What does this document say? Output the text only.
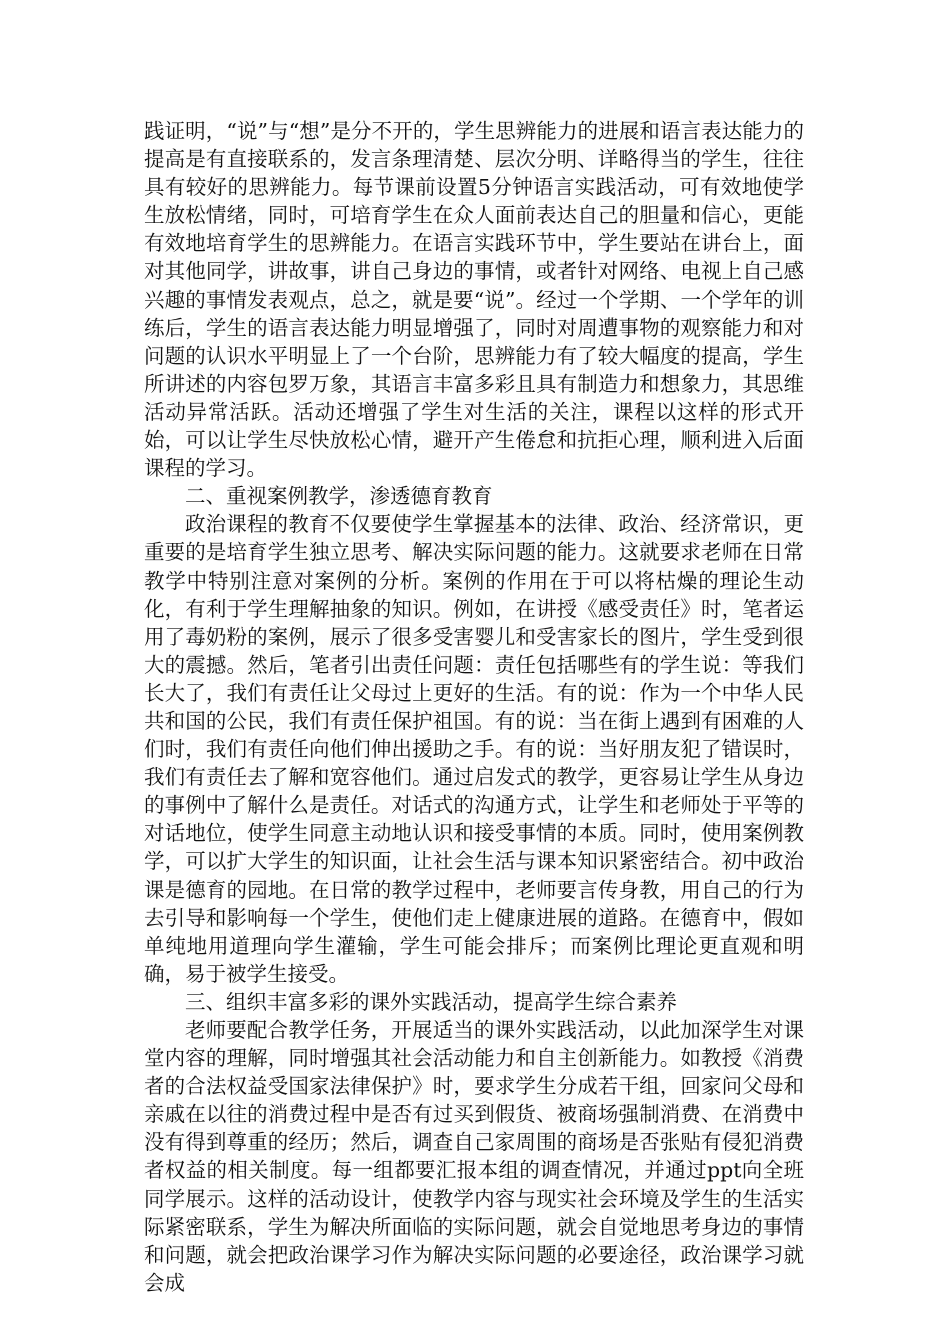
践证明，“说”与“想”是分不开的，学生思辨能力的进展和语言表达能力的提高是有直接联系的，发言条理清楚、层次分明、详略得当的学生，往往具有较好的思辨能力。每节课前设置5分钟语言实践活动，可有效地使学生放松情绪，同时，可培育学生在众人面前表达自己的胆量和信心，更能有效地培育学生的思辨能力。在语言实践环节中，学生要站在讲台上，面对其他同学，讲故事，讲自己身边的事情，或者针对网络、电视上自己感兴趣的事情发表观点，总之，就是要“说”。经过一个学期、一个学年的训练后，学生的语言表达能力明显增强了，同时对周遭事物的观察能力和对问题的认识水平明显上了一个台阶，思辨能力有了较大幅度的提高，学生所讲述的内容包罗万象，其语言丰富多彩且具有制造力和想象力，其思维活动异常活跃。活动还增强了学生对生活的关注，课程以这样的形式开始，可以让学生尽快放松心情，避开产生倦怠和抗拒心理，顺利进入后面课程的学习。

二、重视案例教学，渗透德育教育

政治课程的教育不仅要使学生掌握基本的法律、政治、经济常识，更重要的是培育学生独立思考、解决实际问题的能力。这就要求老师在日常教学中特别注意对案例的分析。案例的作用在于可以将枯燥的理论生动化，有利于学生理解抽象的知识。例如，在讲授《感受责任》时，笔者运用了毒奶粉的案例，展示了很多受害婴儿和受害家长的图片，学生受到很大的震撼。然后，笔者引出责任问题：责任包括哪些有的学生说：等我们长大了，我们有责任让父母过上更好的生活。有的说：作为一个中华人民共和国的公民，我们有责任保护祖国。有的说：当在街上遇到有困难的人们时，我们有责任向他们伸出援助之手。有的说：当好朋友犯了错误时，我们有责任去了解和宽容他们。通过启发式的教学，更容易让学生从身边的事例中了解什么是责任。对话式的沟通方式，让学生和老师处于平等的对话地位，使学生同意主动地认识和接受事情的本质。同时，使用案例教学，可以扩大学生的知识面，让社会生活与课本知识紧密结合。初中政治课是德育的园地。在日常的教学过程中，老师要言传身教，用自己的行为去引导和影响每一个学生，使他们走上健康进展的道路。在德育中，假如单纯地用道理向学生灌输，学生可能会排斥；而案例比理论更直观和明确，易于被学生接受。

三、组织丰富多彩的课外实践活动，提高学生综合素养

老师要配合教学任务，开展适当的课外实践活动，以此加深学生对课堂内容的理解，同时增强其社会活动能力和自主创新能力。如教授《消费者的合法权益受国家法律保护》时，要求学生分成若干组，回家问父母和亲戚在以往的消费过程中是否有过买到假货、被商场强制消费、在消费中没有得到尊重的经历；然后，调查自己家周围的商场是否张贴有侵犯消费者权益的相关制度。每一组都要汇报本组的调查情况，并通过ppt向全班同学展示。这样的活动设计，使教学内容与现实社会环境及学生的生活实际紧密联系，学生为解决所面临的实际问题，就会自觉地思考身边的事情和问题，就会把政治课学习作为解决实际问题的必要途径，政治课学习就会成
